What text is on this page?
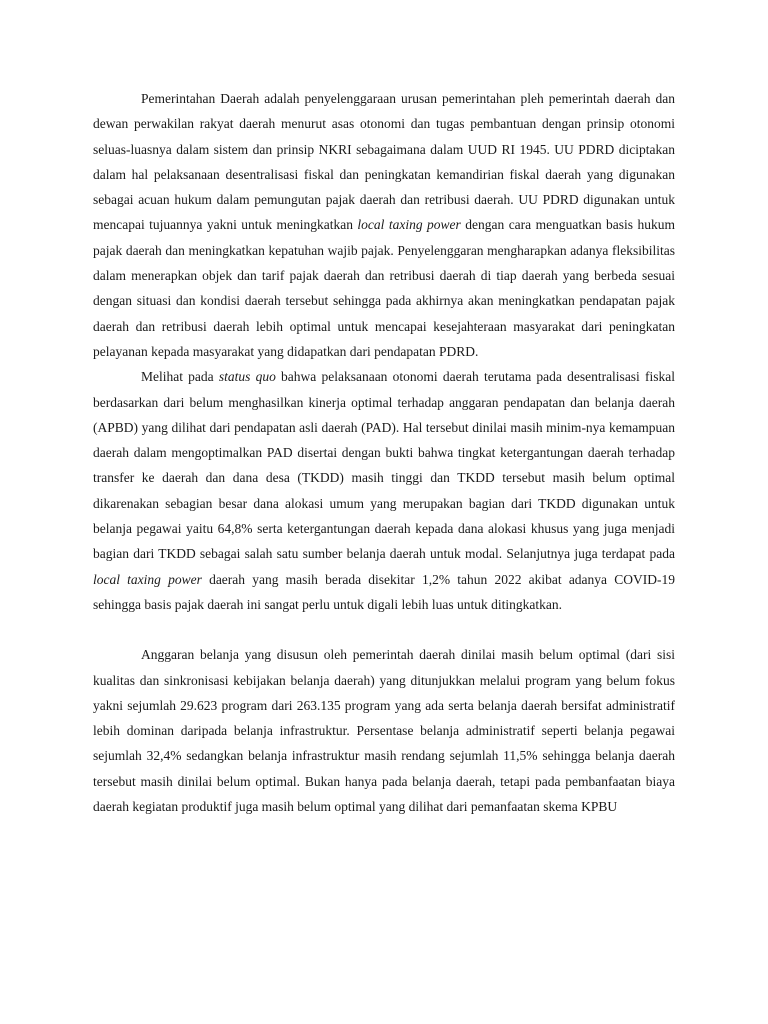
Pemerintahan Daerah adalah penyelenggaraan urusan pemerintahan pleh pemerintah daerah dan dewan perwakilan rakyat daerah menurut asas otonomi dan tugas pembantuan dengan prinsip otonomi seluas-luasnya dalam sistem dan prinsip NKRI sebagaimana dalam UUD RI 1945. UU PDRD diciptakan dalam hal pelaksanaan desentralisasi fiskal dan peningkatan kemandirian fiskal daerah yang digunakan sebagai acuan hukum dalam pemungutan pajak daerah dan retribusi daerah. UU PDRD digunakan untuk mencapai tujuannya yakni untuk meningkatkan local taxing power dengan cara menguatkan basis hukum pajak daerah dan meningkatkan kepatuhan wajib pajak. Penyelenggaran mengharapkan adanya fleksibilitas dalam menerapkan objek dan tarif pajak daerah dan retribusi daerah di tiap daerah yang berbeda sesuai dengan situasi dan kondisi daerah tersebut sehingga pada akhirnya akan meningkatkan pendapatan pajak daerah dan retribusi daerah lebih optimal untuk mencapai kesejahteraan masyarakat dari peningkatan pelayanan kepada masyarakat yang didapatkan dari pendapatan PDRD.

Melihat pada status quo bahwa pelaksanaan otonomi daerah terutama pada desentralisasi fiskal berdasarkan dari belum menghasilkan kinerja optimal terhadap anggaran pendapatan dan belanja daerah (APBD) yang dilihat dari pendapatan asli daerah (PAD). Hal tersebut dinilai masih minim-nya kemampuan daerah dalam mengoptimalkan PAD disertai dengan bukti bahwa tingkat ketergantungan daerah terhadap transfer ke daerah dan dana desa (TKDD) masih tinggi dan TKDD tersebut masih belum optimal dikarenakan sebagian besar dana alokasi umum yang merupakan bagian dari TKDD digunakan untuk belanja pegawai yaitu 64,8% serta ketergantungan daerah kepada dana alokasi khusus yang juga menjadi bagian dari TKDD sebagai salah satu sumber belanja daerah untuk modal. Selanjutnya juga terdapat pada local taxing power daerah yang masih berada disekitar 1,2% tahun 2022 akibat adanya COVID-19 sehingga basis pajak daerah ini sangat perlu untuk digali lebih luas untuk ditingkatkan.

Anggaran belanja yang disusun oleh pemerintah daerah dinilai masih belum optimal (dari sisi kualitas dan sinkronisasi kebijakan belanja daerah) yang ditunjukkan melalui program yang belum fokus yakni sejumlah 29.623 program dari 263.135 program yang ada serta belanja daerah bersifat administratif lebih dominan daripada belanja infrastruktur. Persentase belanja administratif seperti belanja pegawai sejumlah 32,4% sedangkan belanja infrastruktur masih rendang sejumlah 11,5% sehingga belanja daerah tersebut masih dinilai belum optimal. Bukan hanya pada belanja daerah, tetapi pada pembanfaatan biaya daerah kegiatan produktif juga masih belum optimal yang dilihat dari pemanfaatan skema KPBU
